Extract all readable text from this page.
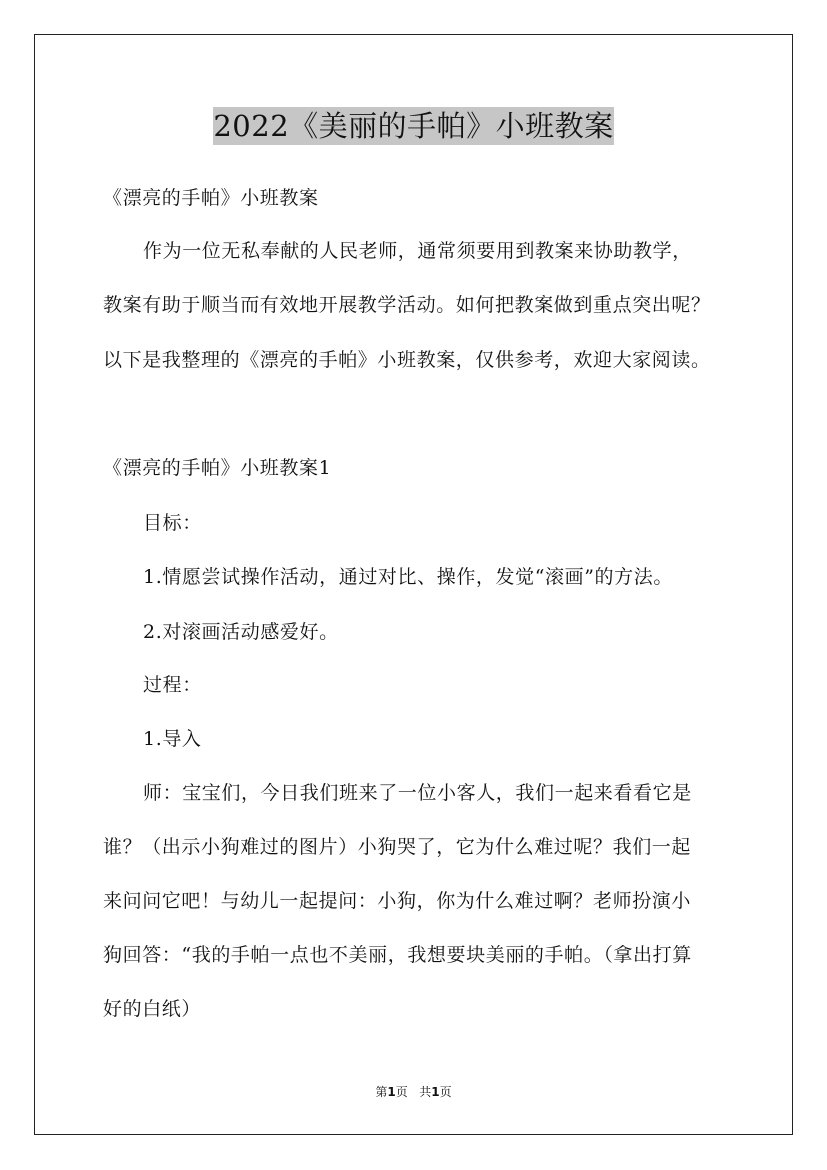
2022《美丽的手帕》小班教案
《漂亮的手帕》小班教案
作为一位无私奉献的人民老师，通常须要用到教案来协助教学，
教案有助于顺当而有效地开展教学活动。如何把教案做到重点突出呢？
以下是我整理的《漂亮的手帕》小班教案，仅供参考，欢迎大家阅读。
《漂亮的手帕》小班教案1
目标：
1.情愿尝试操作活动，通过对比、操作，发觉“滚画”的方法。
2.对滚画活动感爱好。
过程：
1.导入
师：宝宝们，今日我们班来了一位小客人，我们一起来看看它是
谁？（出示小狗难过的图片）小狗哭了，它为什么难过呢？我们一起
来问问它吧！与幼儿一起提问：小狗，你为什么难过啊？老师扮演小
狗回答：“我的手帕一点也不美丽，我想要块美丽的手帕。（拿出打算
好的白纸）
第1页 共1页
